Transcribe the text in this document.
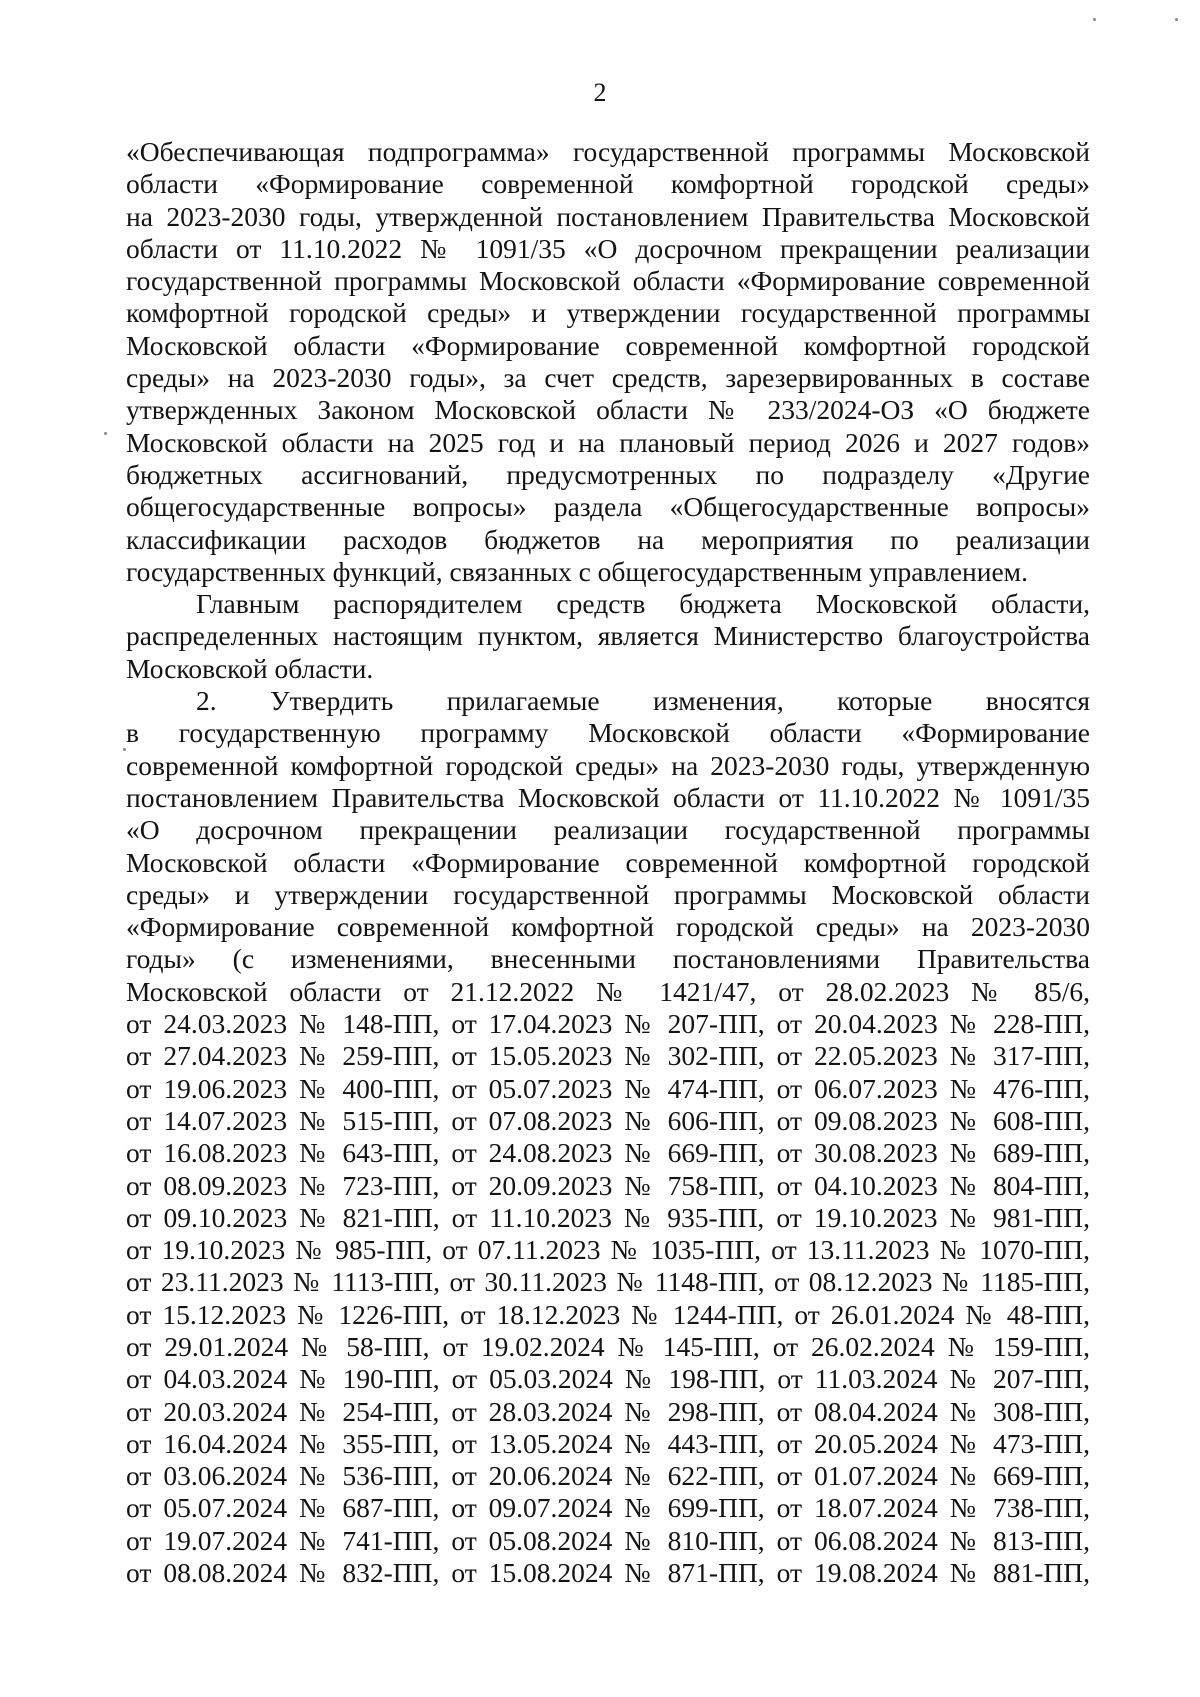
2
«Обеспечивающая подпрограмма» государственной программы Московской
области «Формирование современной комфортной городской среды»
на 2023-2030 годы, утвержденной постановлением Правительства Московской
области от 11.10.2022 № 1091/35 «О досрочном прекращении реализации
государственной программы Московской области «Формирование современной
комфортной городской среды» и утверждении государственной программы
Московской области «Формирование современной комфортной городской
среды» на 2023-2030 годы», за счет средств, зарезервированных в составе
утвержденных Законом Московской области № 233/2024-ОЗ «О бюджете
Московской области на 2025 год и на плановый период 2026 и 2027 годов»
бюджетных ассигнований, предусмотренных по подразделу «Другие
общегосударственные вопросы» раздела «Общегосударственные вопросы»
классификации расходов бюджетов на мероприятия по реализации
государственных функций, связанных с общегосударственным управлением.
Главным распорядителем средств бюджета Московской области,
распределенных настоящим пунктом, является Министерство благоустройства
Московской области.
2. Утвердить прилагаемые изменения, которые вносятся
в государственную программу Московской области «Формирование
современной комфортной городской среды» на 2023-2030 годы, утвержденную
постановлением Правительства Московской области от 11.10.2022 № 1091/35
«О досрочном прекращении реализации государственной программы
Московской области «Формирование современной комфортной городской
среды» и утверждении государственной программы Московской области
«Формирование современной комфортной городской среды» на 2023-2030
годы» (с изменениями, внесенными постановлениями Правительства
Московской области от 21.12.2022 № 1421/47, от 28.02.2023 № 85/6,
от 24.03.2023 № 148-ПП, от 17.04.2023 № 207-ПП, от 20.04.2023 № 228-ПП,
от 27.04.2023 № 259-ПП, от 15.05.2023 № 302-ПП, от 22.05.2023 № 317-ПП,
от 19.06.2023 № 400-ПП, от 05.07.2023 № 474-ПП, от 06.07.2023 № 476-ПП,
от 14.07.2023 № 515-ПП, от 07.08.2023 № 606-ПП, от 09.08.2023 № 608-ПП,
от 16.08.2023 № 643-ПП, от 24.08.2023 № 669-ПП, от 30.08.2023 № 689-ПП,
от 08.09.2023 № 723-ПП, от 20.09.2023 № 758-ПП, от 04.10.2023 № 804-ПП,
от 09.10.2023 № 821-ПП, от 11.10.2023 № 935-ПП, от 19.10.2023 № 981-ПП,
от 19.10.2023 № 985-ПП, от 07.11.2023 № 1035-ПП, от 13.11.2023 № 1070-ПП,
от 23.11.2023 № 1113-ПП, от 30.11.2023 № 1148-ПП, от 08.12.2023 № 1185-ПП,
от 15.12.2023 № 1226-ПП, от 18.12.2023 № 1244-ПП, от 26.01.2024 № 48-ПП,
от 29.01.2024 № 58-ПП, от 19.02.2024 № 145-ПП, от 26.02.2024 № 159-ПП,
от 04.03.2024 № 190-ПП, от 05.03.2024 № 198-ПП, от 11.03.2024 № 207-ПП,
от 20.03.2024 № 254-ПП, от 28.03.2024 № 298-ПП, от 08.04.2024 № 308-ПП,
от 16.04.2024 № 355-ПП, от 13.05.2024 № 443-ПП, от 20.05.2024 № 473-ПП,
от 03.06.2024 № 536-ПП, от 20.06.2024 № 622-ПП, от 01.07.2024 № 669-ПП,
от 05.07.2024 № 687-ПП, от 09.07.2024 № 699-ПП, от 18.07.2024 № 738-ПП,
от 19.07.2024 № 741-ПП, от 05.08.2024 № 810-ПП, от 06.08.2024 № 813-ПП,
от 08.08.2024 № 832-ПП, от 15.08.2024 № 871-ПП, от 19.08.2024 № 881-ПП,
